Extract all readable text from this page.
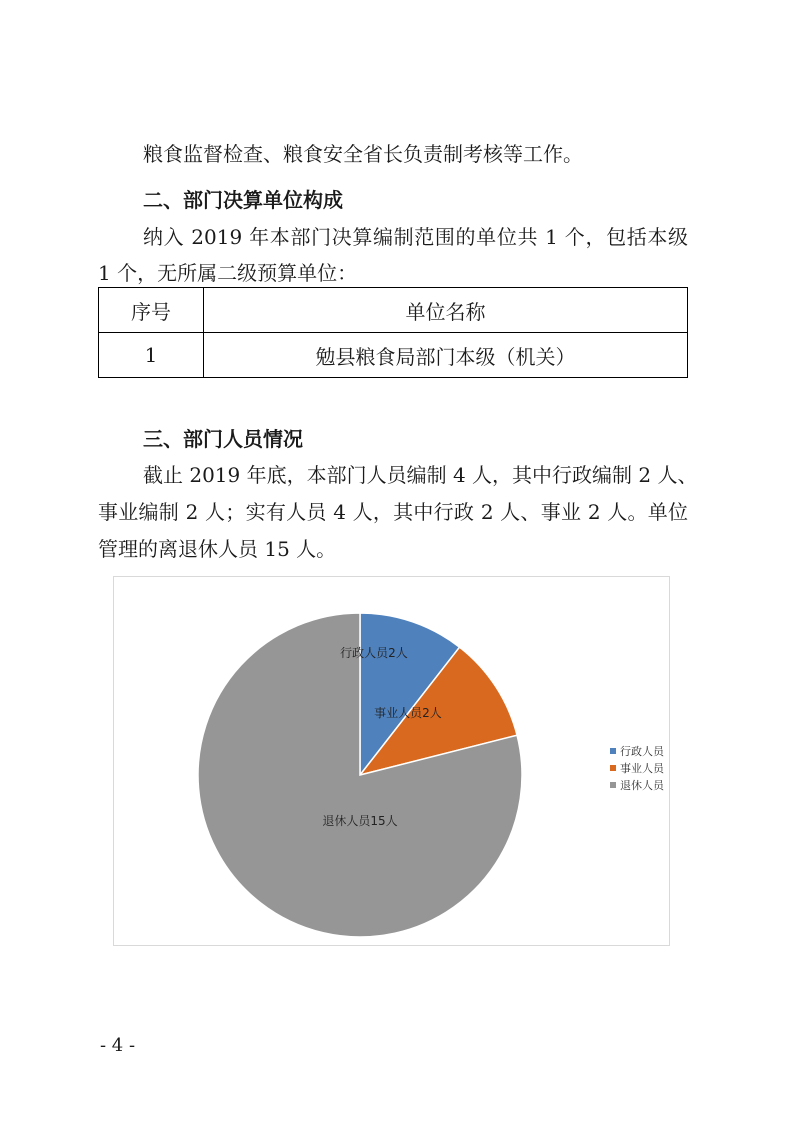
粮食监督检查、粮食安全省长负责制考核等工作。
二、部门决算单位构成
纳入 2019 年本部门决算编制范围的单位共 1 个，包括本级
1 个，无所属二级预算单位：
序号	单位名称
1	勉县粮食局部门本级（机关）
三、部门人员情况
截止 2019 年底，本部门人员编制 4 人，其中行政编制 2 人、
事业编制 2 人；实有人员 4 人，其中行政 2 人、事业 2 人。单位
管理的离退休人员 15 人。
行政人员2人
事业人员2人
退休人员15人
行政人员
事业人员
退休人员
- 4 -
